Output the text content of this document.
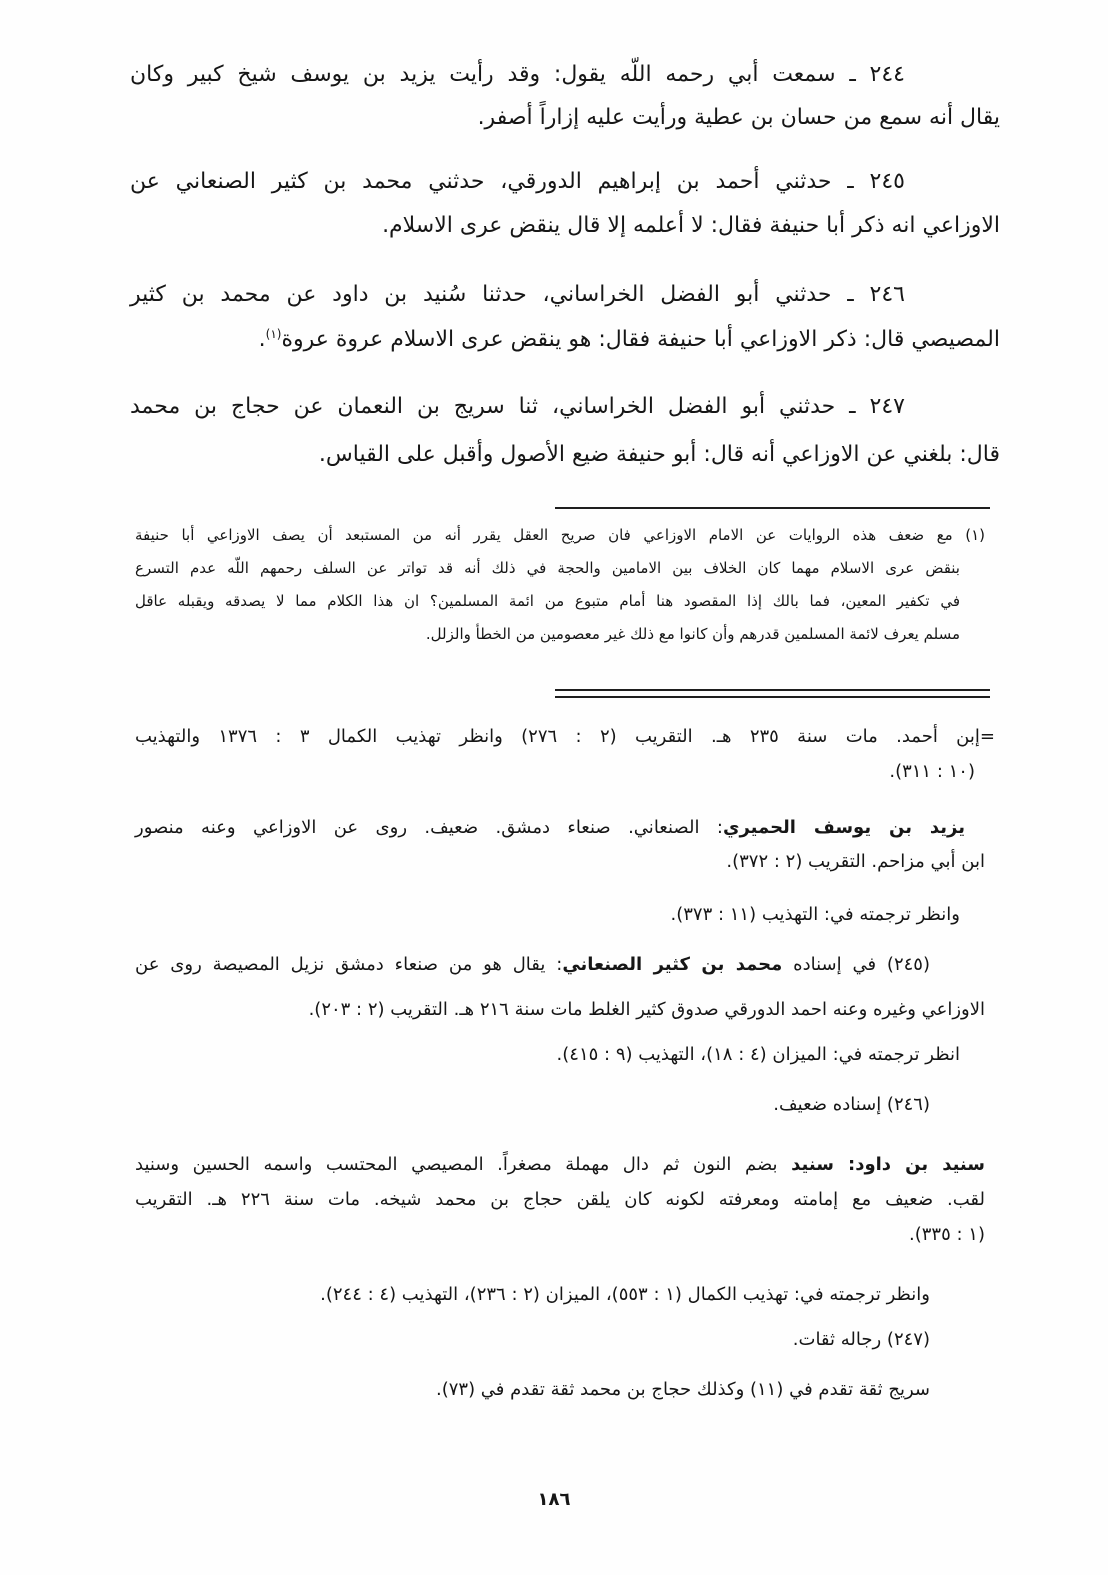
٢٤٤ ـ سمعت أبي رحمه اللّه يقول: وقد رأيت يزيد بن يوسف شيخ كبير وكان
يقال أنه سمع من حسان بن عطية ورأيت عليه إزاراً أصفر.
٢٤٥ ـ حدثني أحمد بن إبراهيم الدورقي، حدثني محمد بن كثير الصنعاني عن
الاوزاعي انه ذكر أبا حنيفة فقال: لا أعلمه إلا قال ينقض عرى الاسلام.
٢٤٦ ـ حدثني أبو الفضل الخراساني، حدثنا سُنيد بن داود عن محمد بن كثير
المصيصي قال: ذكر الاوزاعي أبا حنيفة فقال: هو ينقض عرى الاسلام عروة عروة$^{(١)}$.
٢٤٧ ـ حدثني أبو الفضل الخراساني، ثنا سريج بن النعمان عن حجاج بن محمد
قال: بلغني عن الاوزاعي أنه قال: أبو حنيفة ضيع الأصول وأقبل على القياس.
(١) مع ضعف هذه الروايات عن الامام الاوزاعي فان صريح العقل يقرر أنه من المستبعد أن يصف الاوزاعي أبا حنيفة
بنقض عرى الاسلام مهما كان الخلاف بين الامامين والحجة في ذلك أنه قد تواتر عن السلف رحمهم اللّه عدم التسرع
في تكفير المعين، فما بالك إذا المقصود هنا أمام متبوع من ائمة المسلمين؟ ان هذا الكلام مما لا يصدقه ويقبله عاقل
مسلم يعرف لائمة المسلمين قدرهم وأن كانوا مع ذلك غير معصومين من الخطأ والزلل.
=إبن أحمد. مات سنة ٢٣٥ هـ. التقريب (٢ : ٢٧٦) وانظر تهذيب الكمال ٣ : ١٣٧٦ والتهذيب
(١٠ : ٣١١).
يزيد بن يوسف الحميري: الصنعاني. صنعاء دمشق. ضعيف. روى عن الاوزاعي وعنه منصور
ابن أبي مزاحم. التقريب (٢ : ٣٧٢).
وانظر ترجمته في: التهذيب (١١ : ٣٧٣).
(٢٤٥) في إسناده محمد بن كثير الصنعاني: يقال هو من صنعاء دمشق نزيل المصيصة روى عن
الاوزاعي وغيره وعنه احمد الدورقي صدوق كثير الغلط مات سنة ٢١٦ هـ. التقريب (٢ : ٢٠٣).
انظر ترجمته في: الميزان (٤ : ١٨)، التهذيب (٩ : ٤١٥).
(٢٤٦) إسناده ضعيف.
سنيد بن داود: سنيد بضم النون ثم دال مهملة مصغراً. المصيصي المحتسب واسمه الحسين وسنيد
لقب. ضعيف مع إمامته ومعرفته لكونه كان يلقن حجاج بن محمد شيخه. مات سنة ٢٢٦ هـ. التقريب
(١ : ٣٣٥).
وانظر ترجمته في: تهذيب الكمال (١ : ٥٥٣)، الميزان (٢ : ٢٣٦)، التهذيب (٤ : ٢٤٤).
(٢٤٧) رجاله ثقات.
سريج ثقة تقدم في (١١) وكذلك حجاج بن محمد ثقة تقدم في (٧٣).
١٨٦
